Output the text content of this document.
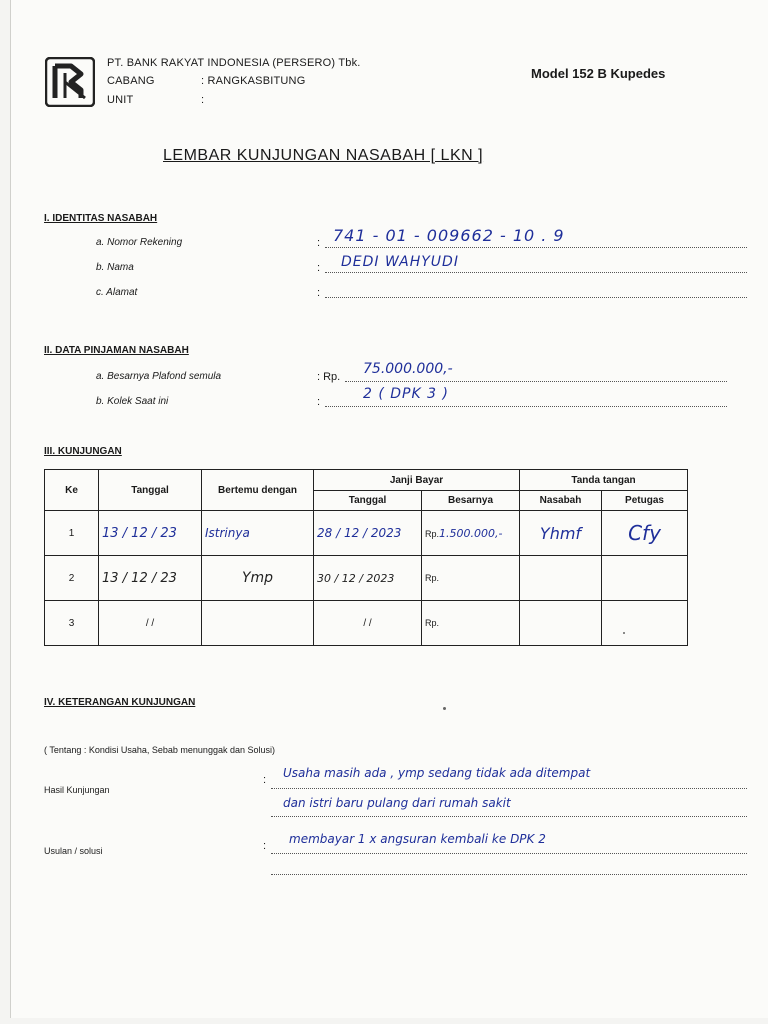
PT. BANK RAKYAT INDONESIA (PERSERO) Tbk.
CABANG	: RANGKASBITUNG
UNIT	:
Model 152 B Kupedes
LEMBAR KUNJUNGAN NASABAH [ LKN ]
I. IDENTITAS NASABAH
a. Nomor Rekening	: 741 - 01 - 009662 - 10 . 9
b. Nama	: DEDI WAHYUDI
c. Alamat	:
II. DATA PINJAMAN NASABAH
a. Besarnya Plafond semula	: Rp. 75.000.000,-
b. Kolek Saat ini	:	2 ( DPK 3 )
III. KUNJUNGAN
Ke	Tanggal	Bertemu dengan	Janji Bayar		Tanda tangan	
			Tanggal	Besarnya	Nasabah	Petugas
1	13 / 12 / 23	Istrinya	28 / 12 / 2023	Rp.1.500.000,-	Yhmf	Cfy
2	13 / 12 / 23	Ymp	30 / 12 / 2023	Rp.		
3	/ /		/ /	Rp.		
IV. KETERANGAN KUNJUNGAN
( Tentang : Kondisi Usaha, Sebab menunggak dan Solusi)
Hasil Kunjungan
: Usaha masih ada , ymp sedang tidak ada ditempat
dan istri baru pulang dari rumah sakit
Usulan / solusi	: membayar 1 x angsuran kembali ke DPK 2
